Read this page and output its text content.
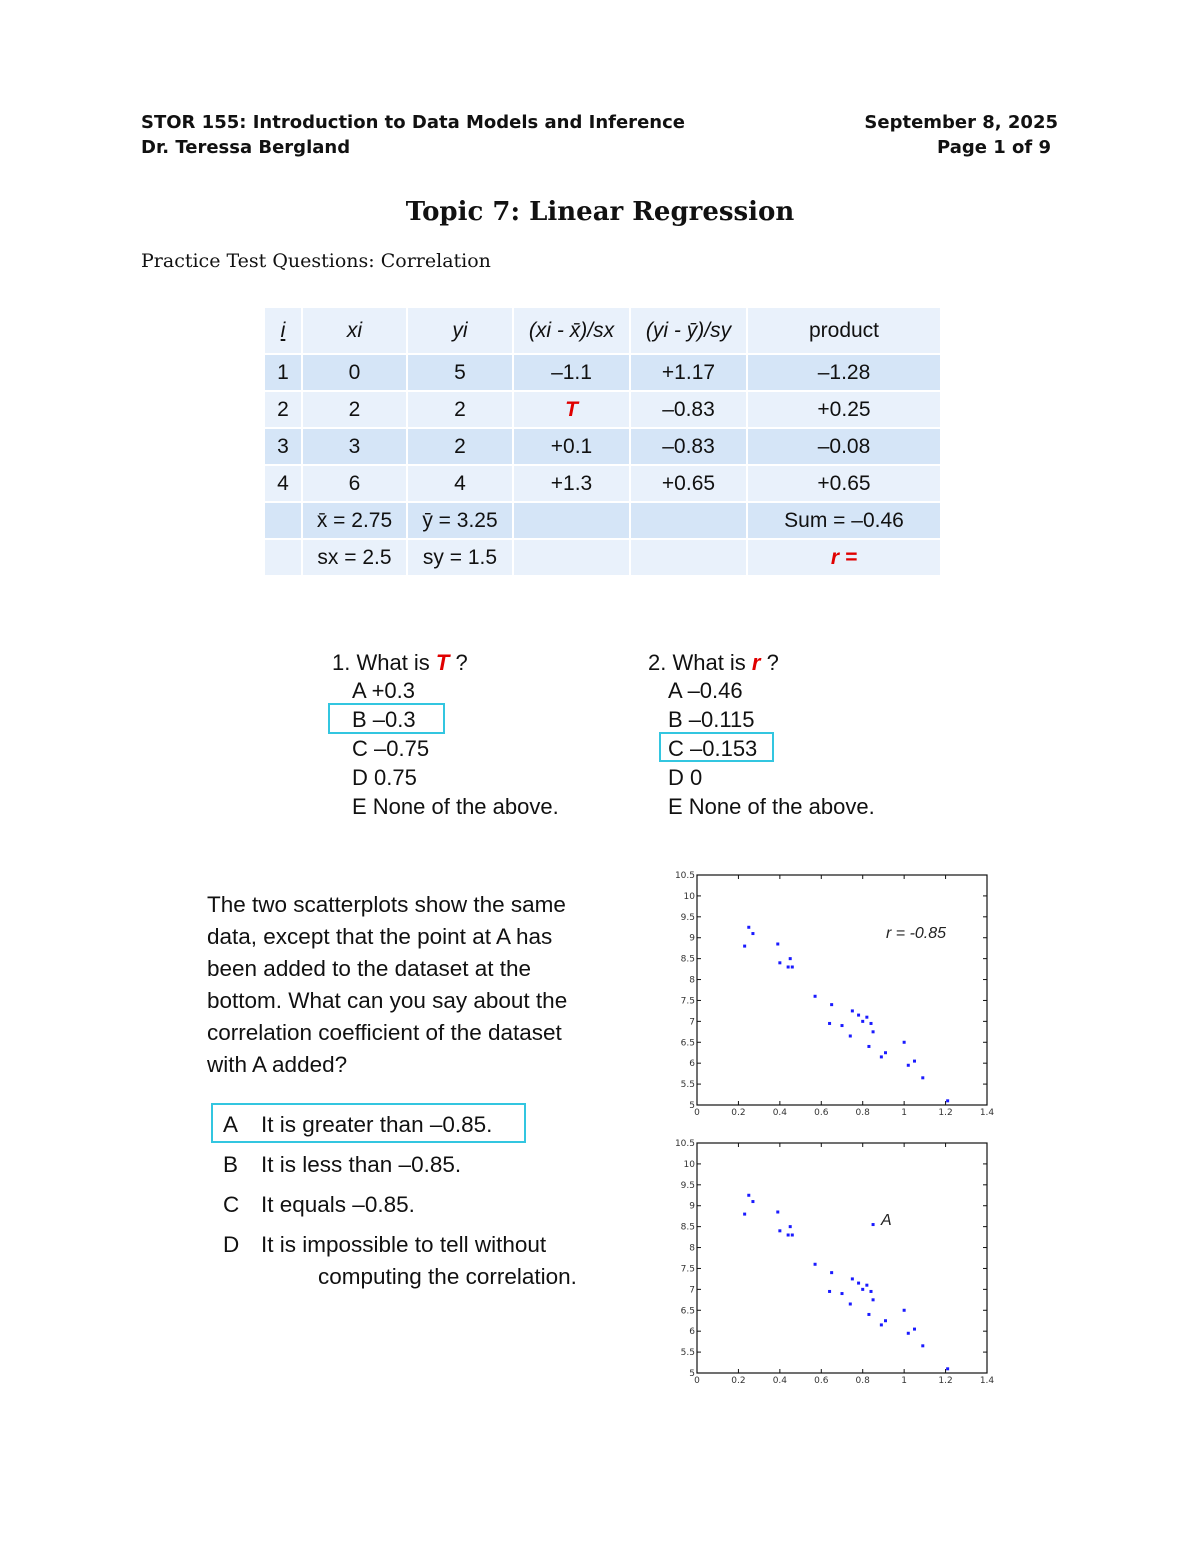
STOR 155: Introduction to Data Models and Inference
Dr. Teressa Bergland
September 8, 2025
Page 1 of 9
Topic 7: Linear Regression
Practice Test Questions: Correlation
i	xi	yi	(xi - x̄)/sx	(yi - ȳ)/sy	product
1	0	5	–1.1	+1.17	–1.28
2	2	2	T	–0.83	+0.25
3	3	2	+0.1	–0.83	–0.08
4	6	4	+1.3	+0.65	+0.65
	x̄ = 2.75	ȳ = 3.25			Sum = –0.46
	sx = 2.5	sy = 1.5			r =
1. What is T ?
A +0.3
B –0.3
C –0.75
D 0.75
E None of the above.
2. What is r ?
A –0.46
B –0.115
C –0.153
D 0
E None of the above.
The two scatterplots show the same
data, except that the point at A has
been added to the dataset at the
bottom. What can you say about the
correlation coefficient of the dataset
with A added?
A It is greater than –0.85.
B It is less than –0.85.
C It equals –0.85.
D It is impossible to tell without
computing the correlation.
0	0.2	0.4	0.6	0.8	1	1.2	1.4
5
5.5
6
6.5
7
7.5
8
8.5
9
9.5
10
10.5
r = -0.85
0	0.2	0.4	0.6	0.8	1	1.2	1.4
5
5.5
6
6.5
7
7.5
8
8.5
9
9.5
10
10.5
A
